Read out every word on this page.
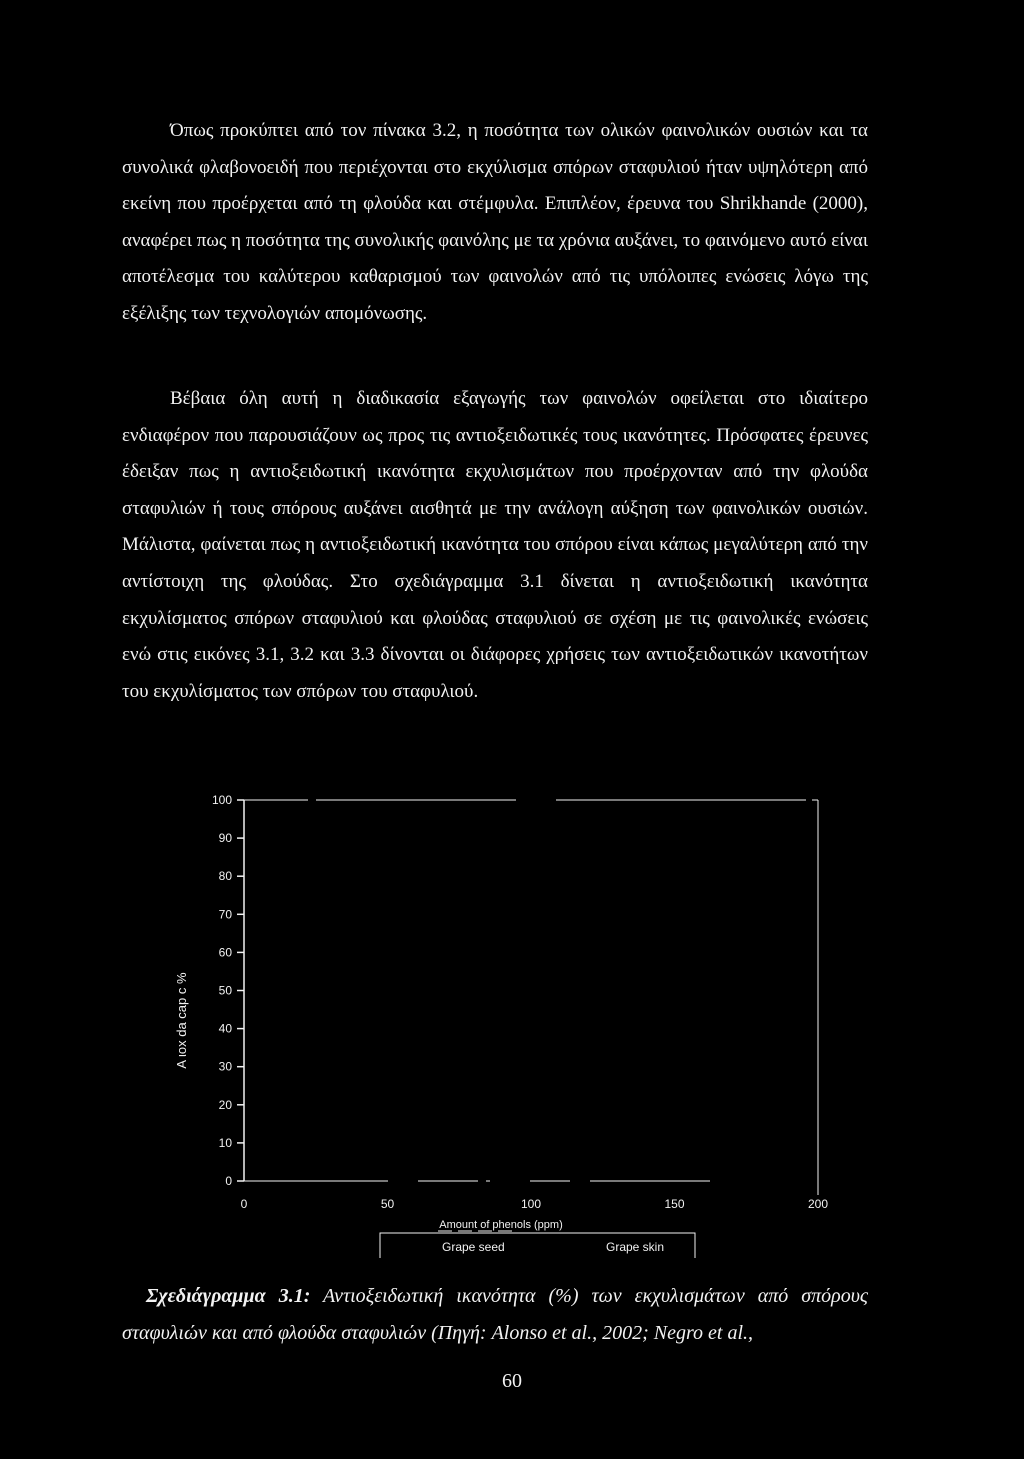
Όπως προκύπτει από τον πίνακα 3.2, η ποσότητα των ολικών φαινολικών ουσιών και τα συνολικά φλαβονοειδή που περιέχονται στο εκχύλισμα σπόρων σταφυλιού ήταν υψηλότερη από εκείνη που προέρχεται από τη φλούδα και στέμφυλα. Επιπλέον, έρευνα του Shrikhande (2000), αναφέρει πως η ποσότητα της συνολικής φαινόλης με τα χρόνια αυξάνει, το φαινόμενο αυτό είναι αποτέλεσμα του καλύτερου καθαρισμού των φαινολών από τις υπόλοιπες ενώσεις λόγω της εξέλιξης των τεχνολογιών απομόνωσης.

Βέβαια όλη αυτή η διαδικασία εξαγωγής των φαινολών οφείλεται στο ιδιαίτερο ενδιαφέρον που παρουσιάζουν ως προς τις αντιοξειδωτικές τους ικανότητες. Πρόσφατες έρευνες έδειξαν πως η αντιοξειδωτική ικανότητα εκχυλισμάτων που προέρχονταν από την φλούδα σταφυλιών ή τους σπόρους αυξάνει αισθητά με την ανάλογη αύξηση των φαινολικών ουσιών. Μάλιστα, φαίνεται πως η αντιοξειδωτική ικανότητα του σπόρου είναι κάπως μεγαλύτερη από την αντίστοιχη της φλούδας. Στο σχεδιάγραμμα 3.1 δίνεται η αντιοξειδωτική ικανότητα εκχυλίσματος σπόρων σταφυλιού και φλούδας σταφυλιού σε σχέση με τις φαινολικές ενώσεις ενώ στις εικόνες 3.1, 3.2 και 3.3 δίνονται οι διάφορες χρήσεις των αντιοξειδωτικών ικανοτήτων του εκχυλίσματος των σπόρων του σταφυλιού.

0
10
20
30
40
50
60
70
80
90
100
0	50	100	150	200
Amount of phenols (ppm)
A ιox da cap c %
Grape seed	Grape skin

Σχεδιάγραμμα 3.1: Αντιοξειδωτική ικανότητα (%) των εκχυλισμάτων από σπόρους σταφυλιών και από φλούδα σταφυλιών (Πηγή: Alonso et al., 2002; Negro et al.,

60
